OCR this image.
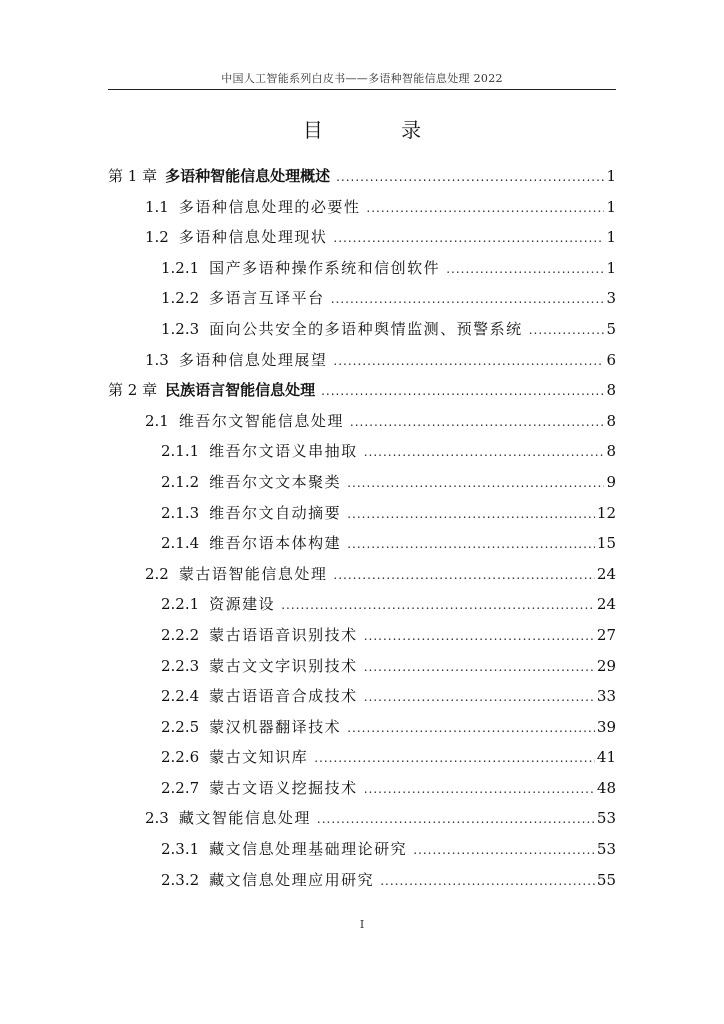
中国人工智能系列白皮书——多语种智能信息处理 2022
目 录
第 1 章 多语种智能信息处理概述 .....	1
1.1 多语种信息处理的必要性 .....	1
1.2 多语种信息处理现状 .....	1
1.2.1 国产多语种操作系统和信创软件 .....	1
1.2.2 多语言互译平台 .....	3
1.2.3 面向公共安全的多语种舆情监测、预警系统 .....	5
1.3 多语种信息处理展望 .....	6
第 2 章 民族语言智能信息处理 .....	8
2.1 维吾尔文智能信息处理 .....	8
2.1.1 维吾尔文语义串抽取 .....	8
2.1.2 维吾尔文文本聚类 .....	9
2.1.3 维吾尔文自动摘要 .....	12
2.1.4 维吾尔语本体构建 .....	15
2.2 蒙古语智能信息处理 .....	24
2.2.1 资源建设 .....	24
2.2.2 蒙古语语音识别技术 .....	27
2.2.3 蒙古文文字识别技术 .....	29
2.2.4 蒙古语语音合成技术 .....	33
2.2.5 蒙汉机器翻译技术 .....	39
2.2.6 蒙古文知识库 .....	41
2.2.7 蒙古文语义挖掘技术 .....	48
2.3 藏文智能信息处理 .....	53
2.3.1 藏文信息处理基础理论研究 .....	53
2.3.2 藏文信息处理应用研究 .....	55
I
